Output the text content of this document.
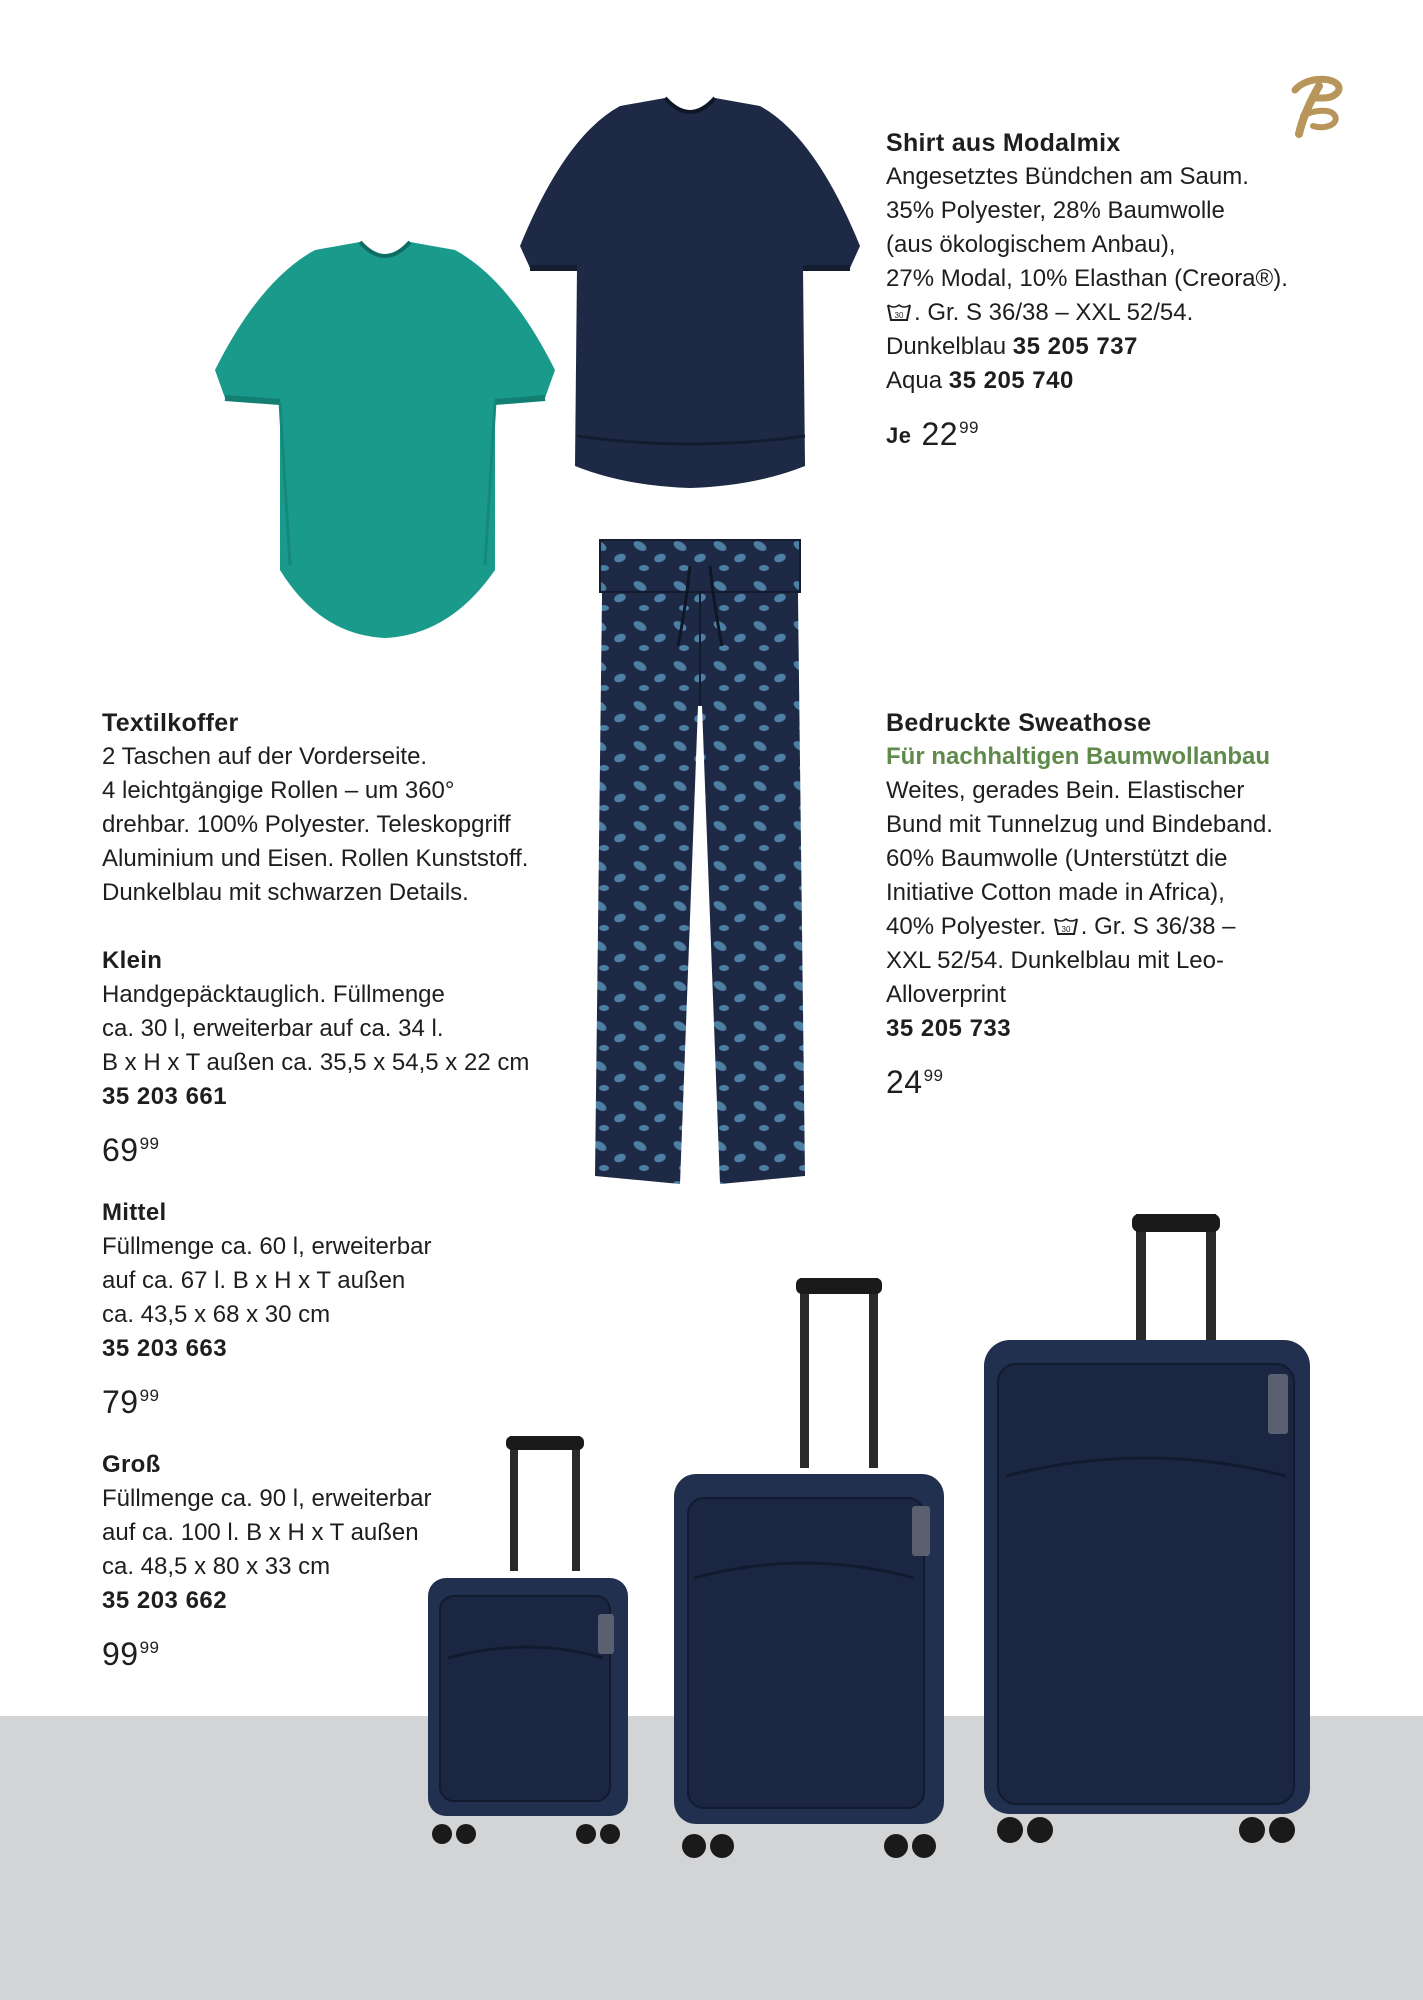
Shirt aus Modalmix
Angesetztes Bündchen am Saum.
35% Polyester, 28% Baumwolle
(aus ökologischem Anbau),
27% Modal, 10% Elasthan (Creora®).
30 . Gr. S 36/38 – XXL 52/54.
Dunkelblau 35 205 737
Aqua 35 205 740
Je $22^{99}$
Bedruckte Sweathose
Für nachhaltigen Baumwollanbau
Weites, gerades Bein. Elastischer
Bund mit Tunnelzug und Bindeband.
60% Baumwolle (Unterstützt die
Initiative Cotton made in Africa),
40% Polyester. 30 . Gr. S 36/38 –
XXL 52/54. Dunkelblau mit Leo-
Alloverprint
35 205 733
$24^{99}$
Textilkoffer
2 Taschen auf der Vorderseite.
4 leichtgängige Rollen – um 360°
drehbar. 100% Polyester. Teleskopgriff
Aluminium und Eisen. Rollen Kunststoff.
Dunkelblau mit schwarzen Details.
Klein
Handgepäcktauglich. Füllmenge
ca. 30 l, erweiterbar auf ca. 34 l.
B x H x T außen ca. 35,5 x 54,5 x 22 cm
35 203 661
$69^{99}$
Mittel
Füllmenge ca. 60 l, erweiterbar
auf ca. 67 l. B x H x T außen
ca. 43,5 x 68 x 30 cm
35 203 663
$79^{99}$
Groß
Füllmenge ca. 90 l, erweiterbar
auf ca. 100 l. B x H x T außen
ca. 48,5 x 80 x 33 cm
35 203 662
$99^{99}$
